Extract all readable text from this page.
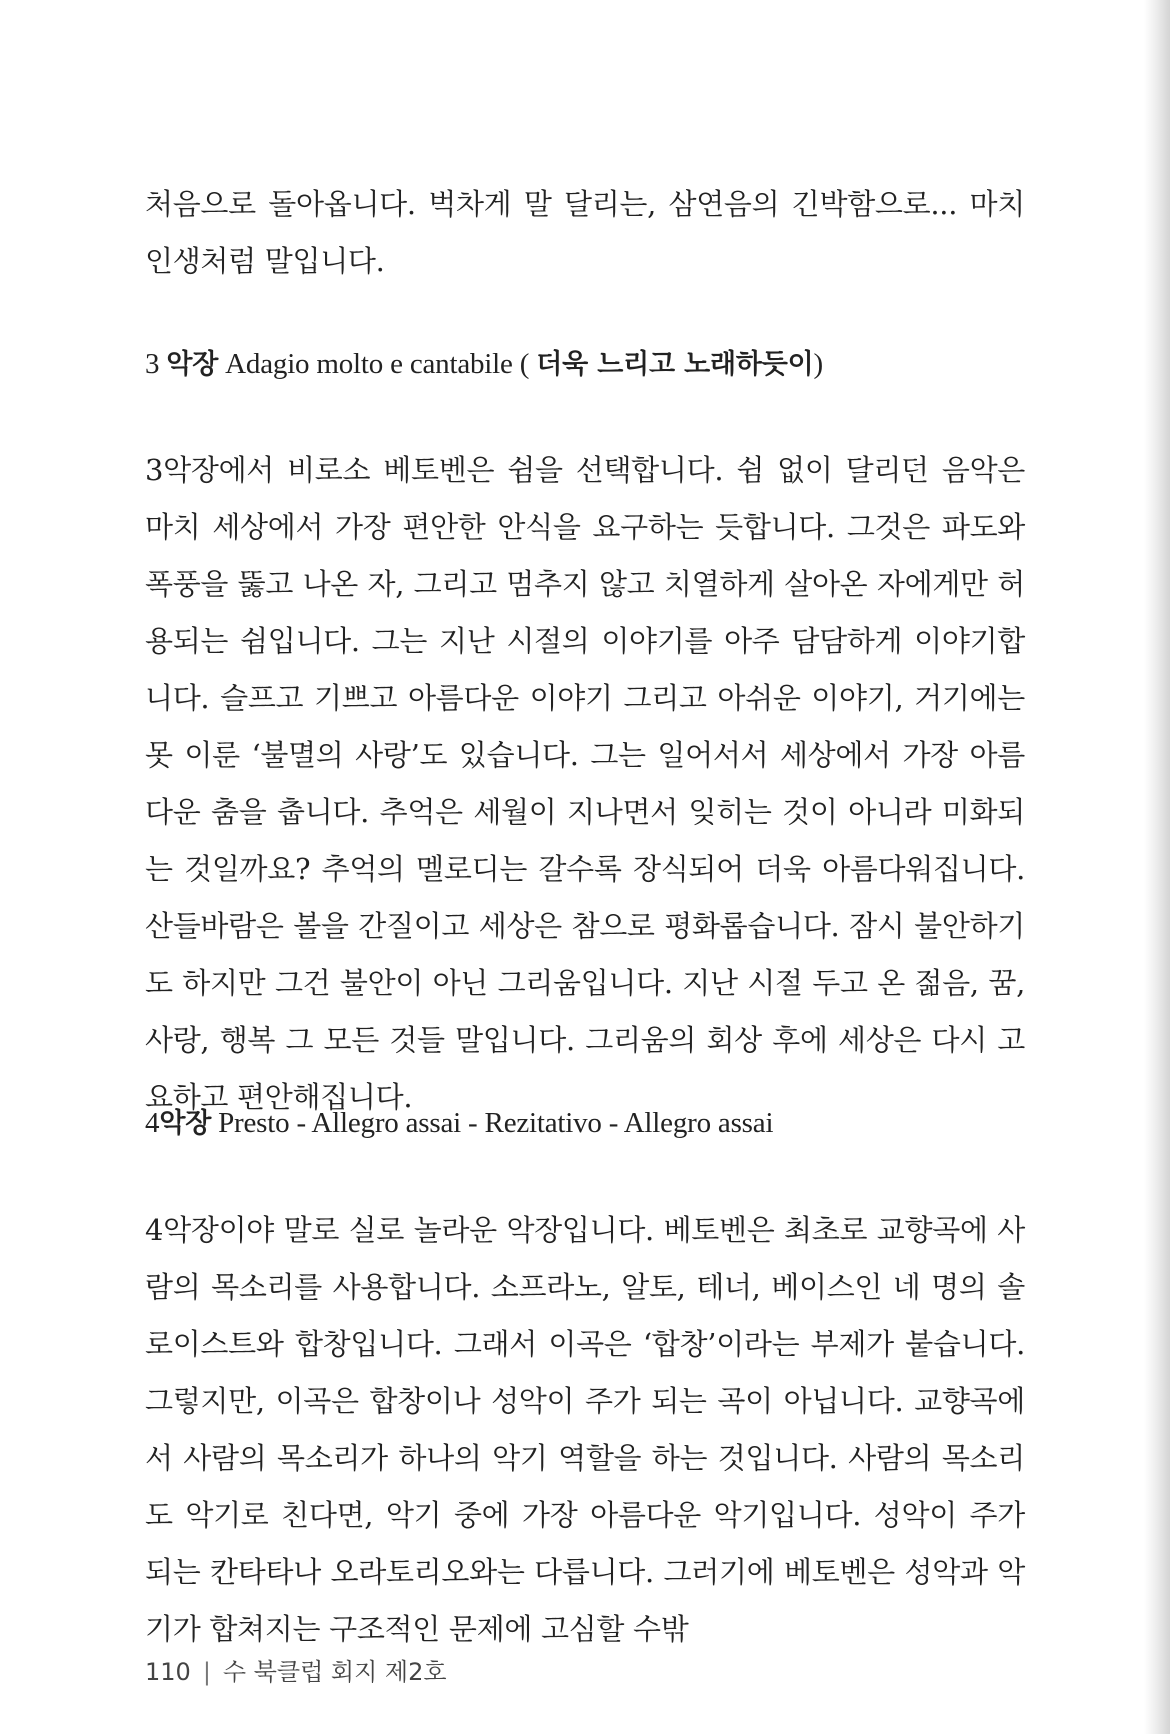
처음으로 돌아옵니다. 벅차게 말 달리는, 삼연음의 긴박함으로... 마치 인생처럼 말입니다.

3 악장 Adagio molto e cantabile ( 더욱 느리고 노래하듯이)

3악장에서 비로소 베토벤은 쉼을 선택합니다. 쉼 없이 달리던 음악은 마치 세상에서 가장 편안한 안식을 요구하는 듯합니다. 그것은 파도와 폭풍을 뚫고 나온 자, 그리고 멈추지 않고 치열하게 살아온 자에게만 허용되는 쉼입니다. 그는 지난 시절의 이야기를 아주 담담하게 이야기합니다. 슬프고 기쁘고 아름다운 이야기 그리고 아쉬운 이야기, 거기에는 못 이룬 ‘불멸의 사랑’도 있습니다. 그는 일어서서 세상에서 가장 아름다운 춤을 춥니다. 추억은 세월이 지나면서 잊히는 것이 아니라 미화되는 것일까요? 추억의 멜로디는 갈수록 장식되어 더욱 아름다워집니다. 산들바람은 볼을 간질이고 세상은 참으로 평화롭습니다. 잠시 불안하기도 하지만 그건 불안이 아닌 그리움입니다. 지난 시절 두고 온 젊음, 꿈, 사랑, 행복 그 모든 것들 말입니다. 그리움의 회상 후에 세상은 다시 고요하고 편안해집니다.

4악장 Presto - Allegro assai - Rezitativo - Allegro assai

4악장이야 말로 실로 놀라운 악장입니다. 베토벤은 최초로 교향곡에 사람의 목소리를 사용합니다. 소프라노, 알토, 테너, 베이스인 네 명의 솔로이스트와 합창입니다. 그래서 이곡은 ‘합창’이라는 부제가 붙습니다. 그렇지만, 이곡은 합창이나 성악이 주가 되는 곡이 아닙니다. 교향곡에서 사람의 목소리가 하나의 악기 역할을 하는 것입니다. 사람의 목소리도 악기로 친다면, 악기 중에 가장 아름다운 악기입니다. 성악이 주가 되는 칸타타나 오라토리오와는 다릅니다. 그러기에 베토벤은 성악과 악기가 합쳐지는 구조적인 문제에 고심할 수밖

110 | 수 북클럽 회지 제2호
